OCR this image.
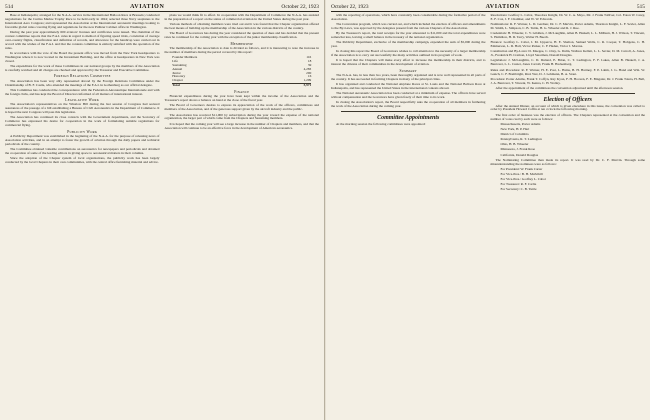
514	AVIATION	October 22, 1923

Base at Indianapolis; arranged for the N.A.A. service in the International Balloon Race at Brussels; conducted negotiations for the Curtiss Marine Trophy Race to be held early in 1924; selected three Navy seaplanes to the International Aero Congress; and represented the Association at the International aeronautic meetings looking to favorable global rules covering flying and regulations for the new Pulitzer Cabinet office in Washington.

During the past year approximately 600 aviators' licenses and certificates were issued. The chairman of the contest committee reports that the F.A.I. rules in regard to method of figuring speed trials, correlation of average over-country flights, classification and definition of records, and allowance for the handicap were carried out in accord with the wishes of the F.A.I. and that the contests committee is entirely satisfied with the operation of the rules.

In accordance with the vote of the Board the present office was moved from the New York headquarters to Washington where it is now located in the Investment Building, and the office at headquarters in New York was closed.

The expenditure for the work of these Committees in our national groups by the members of the Association is carefully watched and all charges are checked and approved by the Treasurer and Executive Committee.

Foreign Relations Committee

The Association has been very ably represented abroad by the Foreign Relations Committee under the Chairmanship of B. F. Castle, who attended the meetings of the F.A.I. in Gothenburg as our official delegate.

This Committee has conducted the correspondence with the Federation Aéronautique Internationale and with the foreign clubs, and has kept the Board of Directors informed of all matters of international interest.

Legislative Work

The Association's representatives on the Winslow Bill during the last session of Congress had secured assurances of the passage of a bill establishing a Bureau of Civil Aeronautics in the Department of Commerce. It is hoped the next Congress will pass this legislation.

The Association has continued its close contacts with the Government departments, and the Secretary of Commerce has expressed his desire for cooperation in the work of formulating suitable regulations for commercial flying.

Publicity Work

A Publicity Department was established in the beginning of the N.A.A. for the purpose of releasing news of Association activities, and in an attempt to foster the growth of aviation through the daily papers and technical periodicals of the country.

The Committee obtained valuable contributions on aeronautics for newspapers and periodicals and obtained the cooperation of some of the leading editors in giving space to aeronautical matters in their columns.

Since the adoption of the Chapter system of local organizations, the publicity work has been largely conducted by the local Chapters in their own communities, with the central office furnishing material and advice.

plans we would think fit to effect. In cooperation with the Department of Commerce the N.A.A. has assisted in the preparation of a report on the status of commercial aviation in the United States during the past year.

Various methods of obtaining members were tried out and it was found that the Chapter organization offered the best means of building up the membership of the Association in the various districts of the country.

The Board of Governors has during the year considered the question of dues and has decided that the present rates be continued for the coming year with the exception of the junior membership classification.

Membership

The membership of the Association to date is divided as follows, and it is interesting to note the increase in the number of members during the period covered by this report:

Founder Members	116
Life	18
Sustaining	39
Annual	4,283
Junior	290
Honorary	16
Chapter	1,209
Total	5,971
Finance

Financial expenditures during the year have been kept within the income of the Association and the Treasurer's report shows a balance on hand at the close of the fiscal year.

The Board of Governors desires to express its appreciation of the work of the officers, committees and members of the Association, and of the generous support given by the aircraft industry and the public.

The Association has received $11,000 by subscription during the year toward the expense of the national organization, the larger part of which came from the Chapters and Sustaining members.

It is hoped that the coming year will see a large increase in the number of Chapters and members, and that the Association will continue to be an effective force in the development of American aeronautics.

October 22, 1923	AVIATION	515

with the reporting of operations, which have constantly been considerable during the formative period of the Association.

The Convention program, which was carried out, and which included the election of officers and amendments to the By-Laws, was approved by the delegates present from the various Chapters of the Association.

By the Treasurer's report, the total receipts for the year amounted to $11,000 and the total expenditures were somewhat less, leaving a small balance in the treasury of the national organization.

The Publicity Department, exclusive of the membership campaign, expended the sum of $5,000 during the year.

In closing this report the Board of Governors wishes to call attention to the necessity of a larger membership if the Association is to carry out successfully the many activities outlined in its program of work.

It is hoped that the Chapters will make every effort to increase the membership in their districts, and to interest the citizens of their communities in the development of aviation.

Summary

The N.A.A. has, in less than two years, been thoroughly organized and is now well represented in all parts of the country. It has succeeded in forming Chapters in many of the principal cities.

It has organized and conducted the National Airplane Races at St. Louis and the National Balloon Race at Indianapolis, and has represented the United States in the international contests abroad.

The National Aeronautic Association has been conducted at a minimum of expense. The officers have served without compensation and the Governors have given freely of their time to its work.

In closing the Association's report, the Board respectfully asks the cooperation of all members in furthering the work of the Association during the coming year.

Committee Appointments

At the morning session the following committees were appointed:

Resolutions: Godfrey L. Cabot, Theodore Knight, Dr. W. C. A. Mayo, Mr. J. Frank Tolliver, Col. Eaton W. Carey, E. F. Cox, J. F. Chamber, and W. W. Edwards.

Nominations: R. F. Warner, L. D. Gardner, Dr. C. F. Marvin, Porter Adams, Thornton Knight, L. F. Sevier, Allan M. Smith, L. Simpson, C. B. Tuttle, H. G. Wheeler and R. J. Rue.

Credentials: H. Wheeler, C. V. Gildden, J. McLaughlin, Allen B. Haskell, L. L. Milburn, H. J. Wilson, T. Vincent, S. Hamilton, H. D. Terry, Walter H. Beech.

Finance: Godfrey L. Cabot, I. M. Uppercu, H. E. Shelton, Samuel Wells, C. R. Cooper, T. Hobgens, C. H. Emmerson, L. D. Hall, Victor Parker, C. F. Haden, Victor J. Marcus.

Constitution and By-Laws: D. Maegee, C. Oray, G. Dalin, Wallace Kellett, L. L. Sevier, D. M. Carroll, A. Jones, Jr., Frederick H. Cramon, Lloyd Stearman, Donald Douglas.

Legislation: J. McLaughlin, C. D. Duland, E. Brian, C. T. Ludington, F. F. Lakes, Allen B. Haskell, J. A. Bentover, L. L. Custer, Jones Carroll, Frank H. Hackenberg.

Rules and Procedure: R. F. Warner, H. E. Post, L. Hains, B. H. Hartney, F. P. Lahm, J. G. Hand and Wm. W. Gunch, C. F. Bombright, Rnd. Wer, D. J. Lehmann, B. A. Stout.

Procedure: Porter Adams, Frank T. Coffyn, Ray Kyon, F. H. Hooven, F. E. Bingaler, Dr. J. Frank Toleta, H. Bell, J. A. Bentover, T. Vincent, W. Kenna, C. H. Wolley.

After the appointment of the committees the convention adjourned until the afternoon session.

Election of Officers

After the Annual Dinner, an account of which is given elsewhere in this issue, the convention was called to order by President Howard Coffin at ten o'clock the following morning.

The first order of business was the election of officers. The Chapters represented at the convention and the number of votes cast by each were as follows:

Massachusetts, Porter Adams

New York, H. P. Hart

District of Columbia

Pennsylvania, R. T. Ludington

Ohio, H. B. Wheeler

Minnesota, J. Frank Rose

California, Donald Douglas

The Nominating Committee then made its report. It was read by Dr. C. F. Marvin. Through some misunderstanding the nominees were as follows:

For President: W. Frank Carter

For Vice-Pres.: B. H. Mulvihill

For Vice-Pres.: Godfrey L. Cabot

For Treasurer: R. F. Carlie

For Secretary: C. B. Tuttle
